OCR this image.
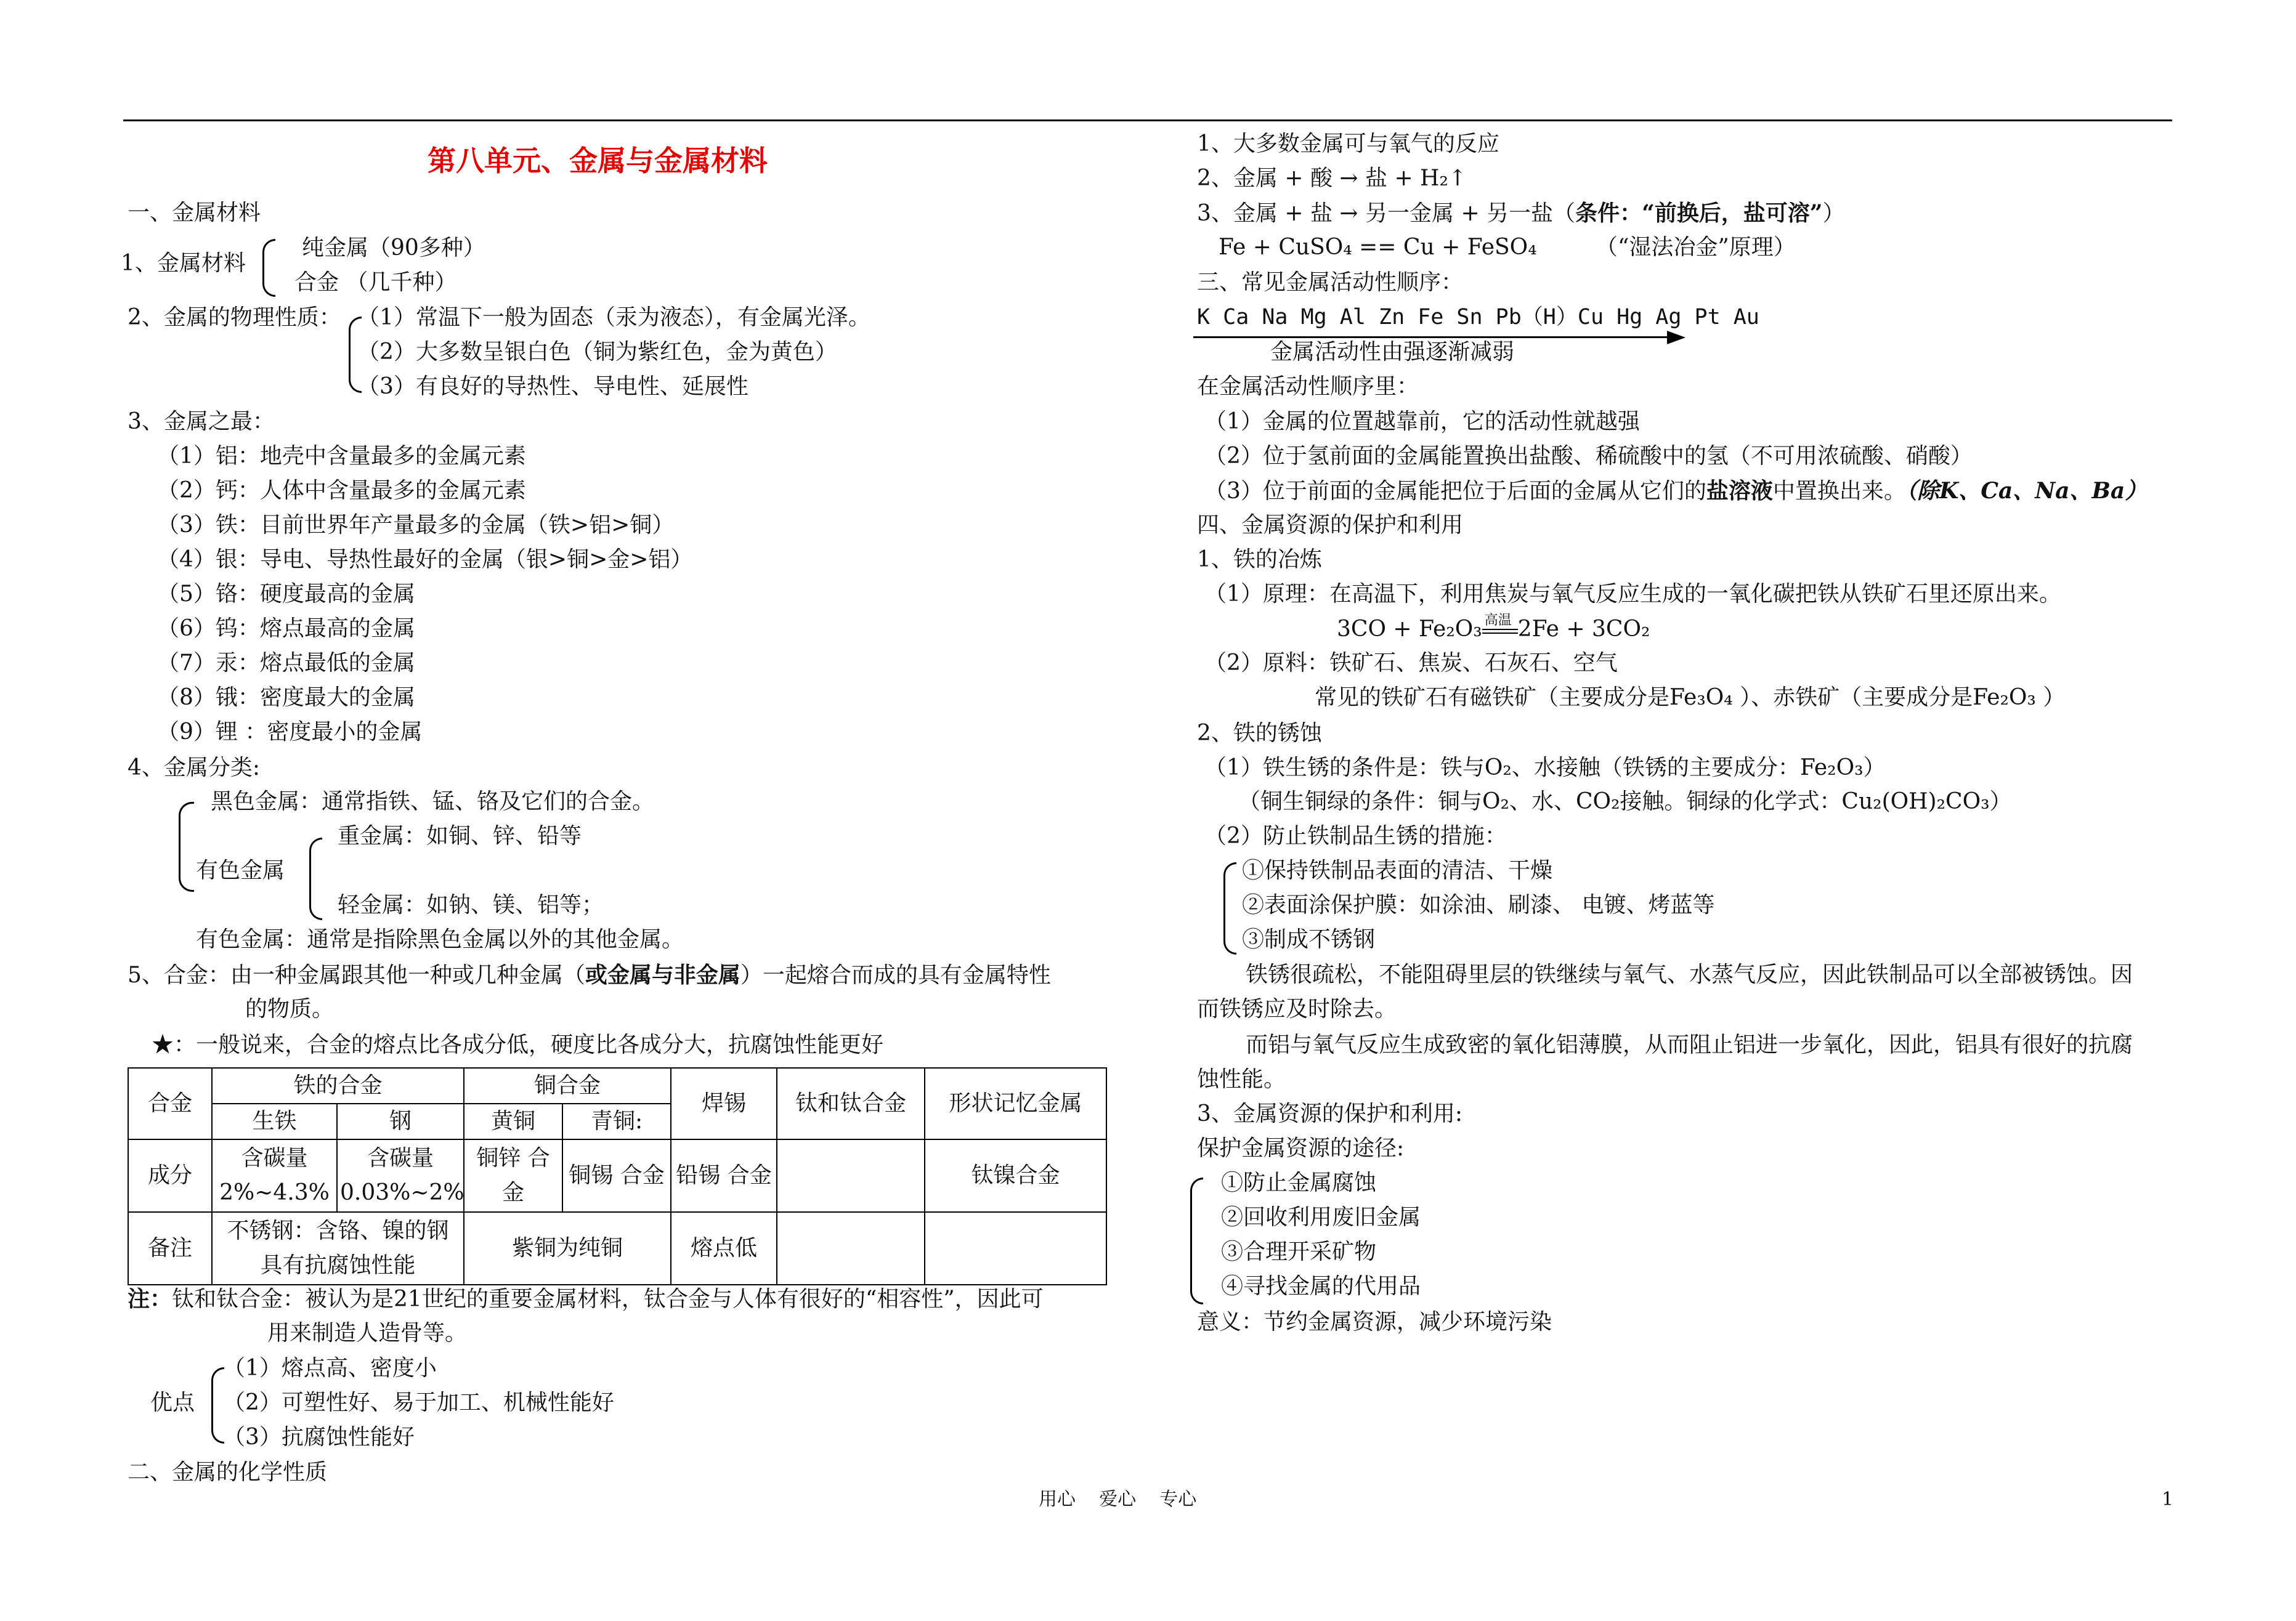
第八单元、金属与金属材料
一、金属材料
1、金属材料
纯金属（90多种）
合金 （几千种）
2、金属的物理性质： （1）常温下一般为固态（汞为液态），有金属光泽。
（2）大多数呈银白色（铜为紫红色，金为黄色）
（3）有良好的导热性、导电性、延展性
3、金属之最：
（1）铝：地壳中含量最多的金属元素
（2）钙：人体中含量最多的金属元素
（3）铁：目前世界年产量最多的金属（铁>铝>铜）
（4）银：导电、导热性最好的金属（银>铜>金>铝）
（5）铬：硬度最高的金属
（6）钨：熔点最高的金属
（7）汞：熔点最低的金属
（8）锇：密度最大的金属
（9）锂 ：密度最小的金属
4、金属分类:
黑色金属：通常指铁、锰、铬及它们的合金。
有色金属
重金属：如铜、锌、铅等
轻金属：如钠、镁、铝等；
有色金属：通常是指除黑色金属以外的其他金属。
5、合金：由一种金属跟其他一种或几种金属（或金属与非金属）一起熔合而成的具有金属特性
的物质。
★：一般说来，合金的熔点比各成分低，硬度比各成分大，抗腐蚀性能更好
合金	铁的合金		铜合金		焊锡	钛和钛合金	形状记忆金属
	生铁	钢	黄铜	青铜:			
成分	含碳量 2%~4.3%	含碳量 0.03%~2%	铜锌 合金	铜锡 合金	铅锡 合金		钛镍合金
备注	不锈钢：含铬、镍的钢 具有抗腐蚀性能		紫铜为纯铜		熔点低		
注：钛和钛合金：被认为是21世纪的重要金属材料，钛合金与人体有很好的“相容性”，因此可
用来制造人造骨等。
优点
（1）熔点高、密度小
（2）可塑性好、易于加工、机械性能好
（3）抗腐蚀性能好
二、金属的化学性质
1、大多数金属可与氧气的反应
2、金属 + 酸 → 盐 + H₂↑
3、金属 + 盐 → 另一金属 + 另一盐（条件：“前换后，盐可溶”）
Fe + CuSO₄ == Cu + FeSO₄	（“湿法冶金”原理）
三、常见金属活动性顺序：
K Ca Na Mg Al Zn Fe Sn Pb（H）Cu Hg Ag Pt Au
金属活动性由强逐渐减弱
在金属活动性顺序里：
（1）金属的位置越靠前，它的活动性就越强
（2）位于氢前面的金属能置换出盐酸、稀硫酸中的氢（不可用浓硫酸、硝酸）
（3）位于前面的金属能把位于后面的金属从它们的盐溶液中置换出来。（除K、Ca、Na、Ba）
四、金属资源的保护和利用
1、铁的冶炼
（1）原理：在高温下，利用焦炭与氧气反应生成的一氧化碳把铁从铁矿石里还原出来。
3CO + Fe₂O₃ 高温 2Fe + 3CO₂
（2）原料：铁矿石、焦炭、石灰石、空气
常见的铁矿石有磁铁矿（主要成分是Fe₃O₄ ）、赤铁矿（主要成分是Fe₂O₃ ）
2、铁的锈蚀
（1）铁生锈的条件是：铁与O₂、水接触（铁锈的主要成分：Fe₂O₃）
（铜生铜绿的条件：铜与O₂、水、CO₂接触。铜绿的化学式：Cu₂(OH)₂CO₃）
（2）防止铁制品生锈的措施：
①保持铁制品表面的清洁、干燥
②表面涂保护膜：如涂油、刷漆、 电镀、烤蓝等
③制成不锈钢
铁锈很疏松，不能阻碍里层的铁继续与氧气、水蒸气反应，因此铁制品可以全部被锈蚀。因
而铁锈应及时除去。
而铝与氧气反应生成致密的氧化铝薄膜，从而阻止铝进一步氧化，因此，铝具有很好的抗腐
蚀性能。
3、金属资源的保护和利用:
保护金属资源的途径:
①防止金属腐蚀
②回收利用废旧金属
③合理开采矿物
④寻找金属的代用品
意义：节约金属资源，减少环境污染
用心    爱心    专心	1
